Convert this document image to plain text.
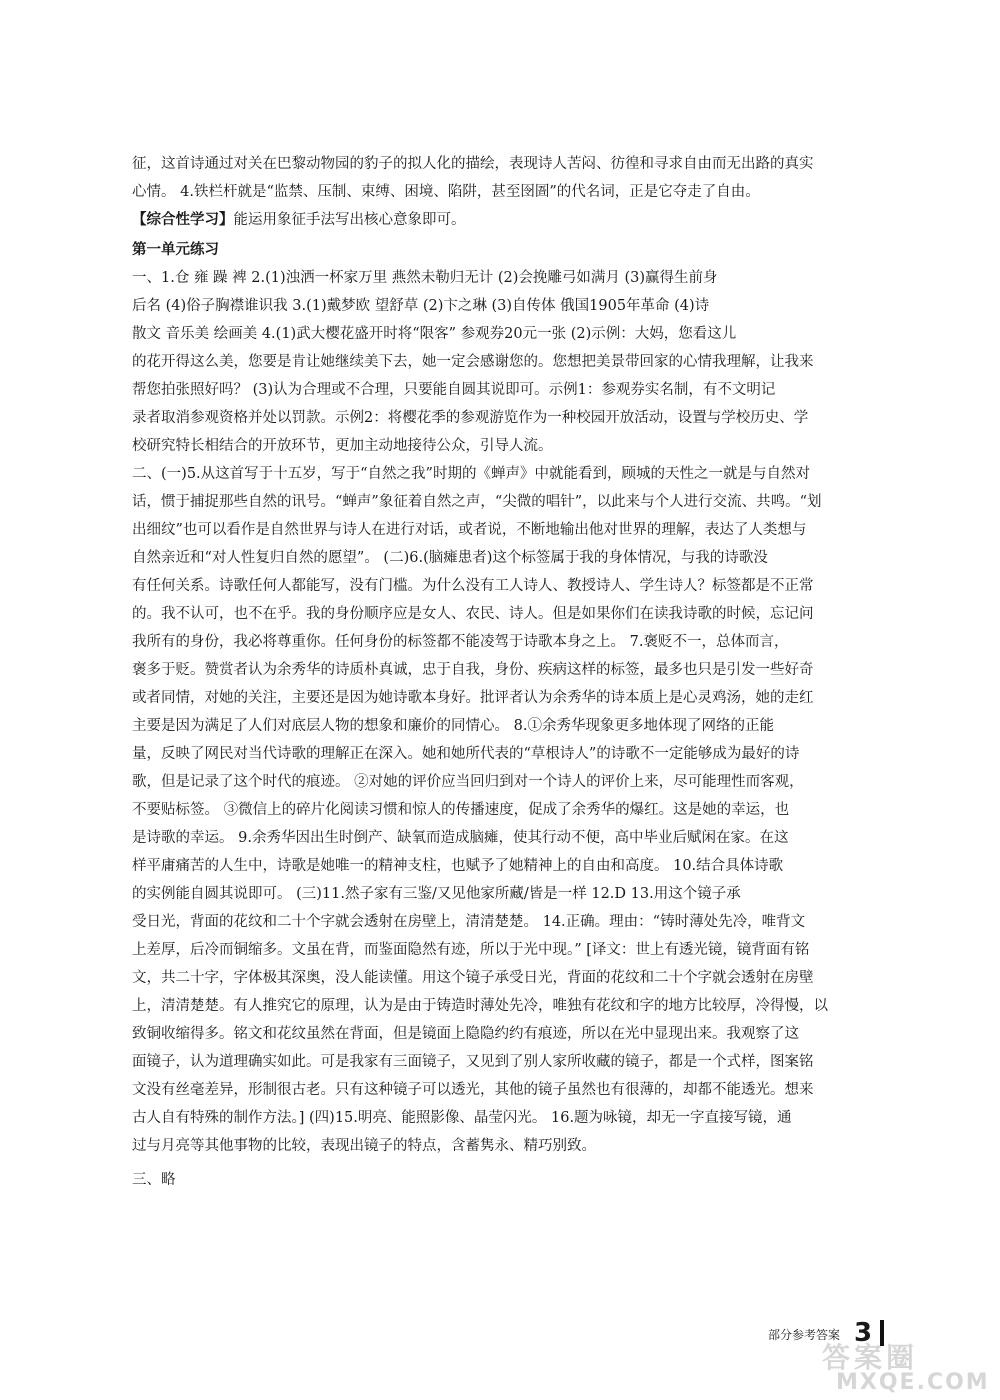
征，这首诗通过对关在巴黎动物园的豹子的拟人化的描绘，表现诗人苦闷、彷徨和寻求自由而无出路的真实

心情。 4.铁栏杆就是“监禁、压制、束缚、困境、陷阱，甚至囹圄”的代名词，正是它夺走了自由。

【综合性学习】能运用象征手法写出核心意象即可。

第一单元练习

一、1.仓 雍 躁 裨 2.(1)浊洒一杯家万里 燕然未勒归无计 (2)会挽雕弓如满月 (3)赢得生前身

后名 (4)俗子胸襟谁识我 3.(1)戴梦欧 望舒草 (2)卞之琳 (3)自传体 俄国1905年革命 (4)诗

散文 音乐美 绘画美 4.(1)武大樱花盛开时将“限客” 参观券20元一张 (2)示例：大妈，您看这儿

的花开得这么美，您要是肯让她继续美下去，她一定会感谢您的。您想把美景带回家的心情我理解，让我来

帮您拍张照好吗？ (3)认为合理或不合理，只要能自圆其说即可。示例1：参观券实名制，有不文明记

录者取消参观资格并处以罚款。示例2：将樱花季的参观游览作为一种校园开放活动，设置与学校历史、学

校研究特长相结合的开放环节，更加主动地接待公众，引导人流。

二、(一)5.从这首写于十五岁，写于“自然之我”时期的《蝉声》中就能看到，顾城的天性之一就是与自然对

话，惯于捕捉那些自然的讯号。“蝉声”象征着自然之声，“尖微的唱针”，以此来与个人进行交流、共鸣。“划

出细纹”也可以看作是自然世界与诗人在进行对话，或者说，不断地输出他对世界的理解，表达了人类想与

自然亲近和“对人性复归自然的愿望”。 (二)6.(脑瘫患者)这个标签属于我的身体情况，与我的诗歌没

有任何关系。诗歌任何人都能写，没有门槛。为什么没有工人诗人、教授诗人、学生诗人？标签都是不正常

的。我不认可，也不在乎。我的身份顺序应是女人、农民、诗人。但是如果你们在读我诗歌的时候，忘记问

我所有的身份，我必将尊重你。任何身份的标签都不能凌驾于诗歌本身之上。 7.褒贬不一，总体而言，

褒多于贬。赞赏者认为余秀华的诗质朴真诚，忠于自我，身份、疾病这样的标签，最多也只是引发一些好奇

或者同情，对她的关注，主要还是因为她诗歌本身好。批评者认为余秀华的诗本质上是心灵鸡汤，她的走红

主要是因为满足了人们对底层人物的想象和廉价的同情心。 8.①余秀华现象更多地体现了网络的正能

量，反映了网民对当代诗歌的理解正在深入。她和她所代表的“草根诗人”的诗歌不一定能够成为最好的诗

歌，但是记录了这个时代的痕迹。 ②对她的评价应当回归到对一个诗人的评价上来，尽可能理性而客观，

不要贴标签。 ③微信上的碎片化阅读习惯和惊人的传播速度，促成了余秀华的爆红。这是她的幸运，也

是诗歌的幸运。 9.余秀华因出生时倒产、缺氧而造成脑瘫，使其行动不便，高中毕业后赋闲在家。在这

样平庸痛苦的人生中，诗歌是她唯一的精神支柱，也赋予了她精神上的自由和高度。 10.结合具体诗歌

的实例能自圆其说即可。 (三)11.然子家有三鉴/又见他家所藏/皆是一样 12.D 13.用这个镜子承

受日光，背面的花纹和二十个字就会透射在房壁上，清清楚楚。 14.正确。理由：“铸时薄处先冷，唯背文

上差厚，后冷而铜缩多。文虽在背，而鉴面隐然有迹，所以于光中现。” [译文：世上有透光镜，镜背面有铭

文，共二十字，字体极其深奥，没人能读懂。用这个镜子承受日光，背面的花纹和二十个字就会透射在房壁

上，清清楚楚。有人推究它的原理，认为是由于铸造时薄处先冷，唯独有花纹和字的地方比较厚，冷得慢，以

致铜收缩得多。铭文和花纹虽然在背面，但是镜面上隐隐约约有痕迹，所以在光中显现出来。我观察了这

面镜子，认为道理确实如此。可是我家有三面镜子，又见到了别人家所收藏的镜子，都是一个式样，图案铭

文没有丝毫差异，形制很古老。只有这种镜子可以透光，其他的镜子虽然也有很薄的，却都不能透光。想来

古人自有特殊的制作方法。] (四)15.明亮、能照影像、晶莹闪光。 16.题为咏镜，却无一字直接写镜，通

过与月亮等其他事物的比较，表现出镜子的特点，含蓄隽永、精巧别致。

三、略

部分参考答案 3
答案圈
MXQE.COM
